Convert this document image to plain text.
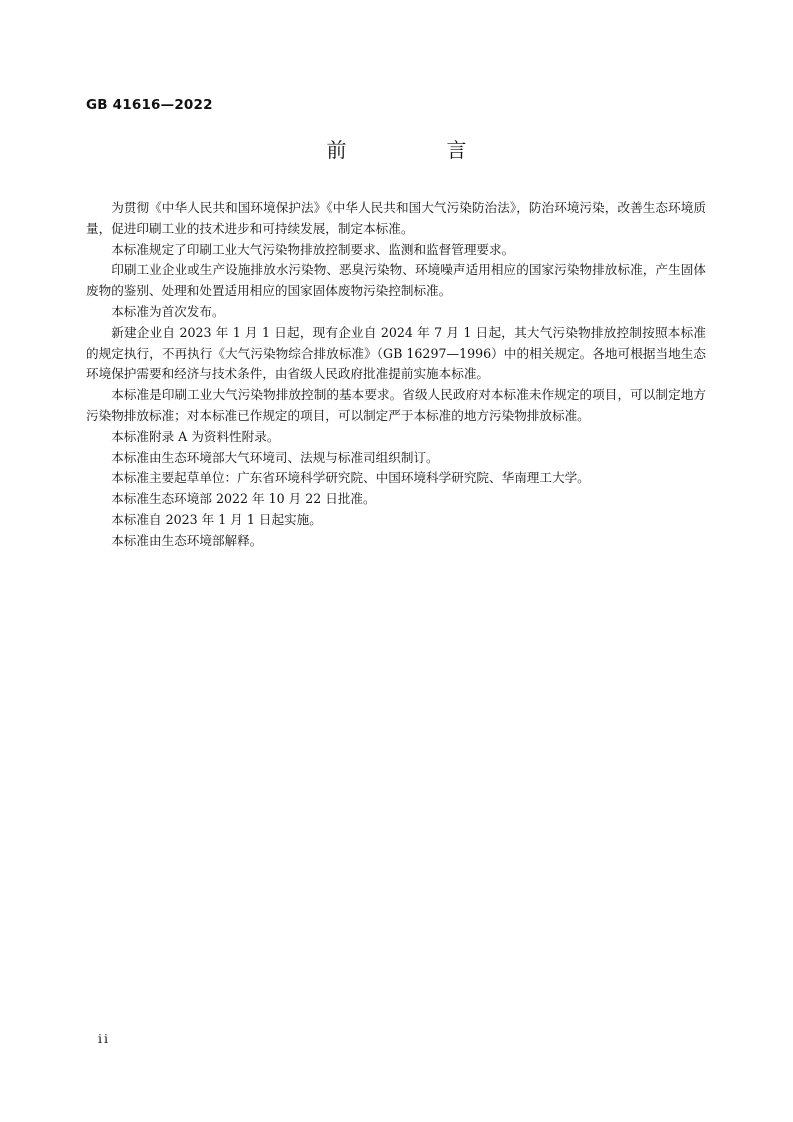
GB 41616—2022
前　言

为贯彻《中华人民共和国环境保护法》《中华人民共和国大气污染防治法》，防治环境污染，改善生态环境质量，促进印刷工业的技术进步和可持续发展，制定本标准。

本标准规定了印刷工业大气污染物排放控制要求、监测和监督管理要求。

印刷工业企业或生产设施排放水污染物、恶臭污染物、环境噪声适用相应的国家污染物排放标准，产生固体废物的鉴别、处理和处置适用相应的国家固体废物污染控制标准。

本标准为首次发布。

新建企业自 2023 年 1 月 1 日起，现有企业自 2024 年 7 月 1 日起，其大气污染物排放控制按照本标准的规定执行，不再执行《大气污染物综合排放标准》（GB 16297—1996）中的相关规定。各地可根据当地生态环境保护需要和经济与技术条件，由省级人民政府批准提前实施本标准。

本标准是印刷工业大气污染物排放控制的基本要求。省级人民政府对本标准未作规定的项目，可以制定地方污染物排放标准；对本标准已作规定的项目，可以制定严于本标准的地方污染物排放标准。

本标准附录 A 为资料性附录。

本标准由生态环境部大气环境司、法规与标准司组织制订。

本标准主要起草单位：广东省环境科学研究院、中国环境科学研究院、华南理工大学。

本标准生态环境部 2022 年 10 月 22 日批准。

本标准自 2023 年 1 月 1 日起实施。

本标准由生态环境部解释。

ii
